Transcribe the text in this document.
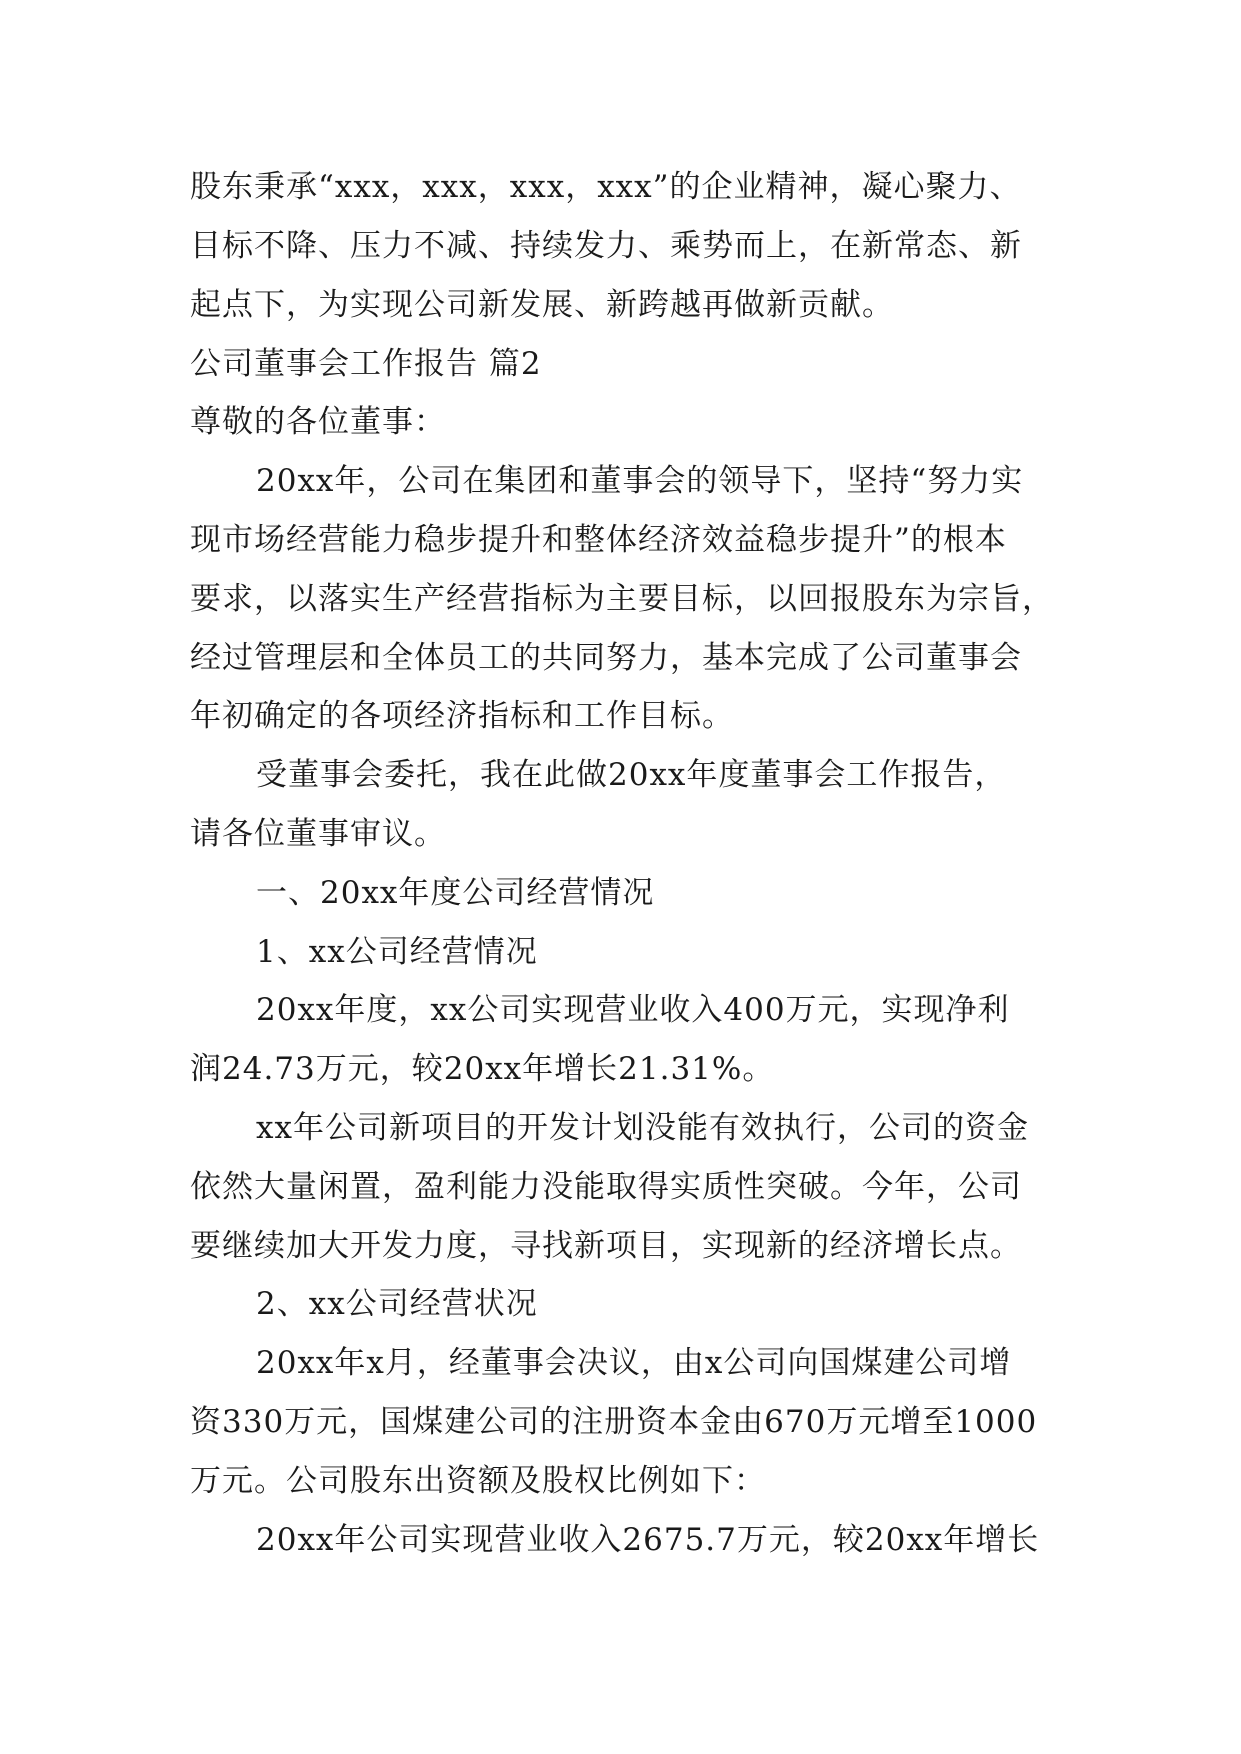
股东秉承“xxx，xxx，xxx，xxx”的企业精神，凝心聚力、
目标不降、压力不减、持续发力、乘势而上，在新常态、新
起点下，为实现公司新发展、新跨越再做新贡献。
公司董事会工作报告 篇2
尊敬的各位董事：
20xx年，公司在集团和董事会的领导下，坚持“努力实
现市场经营能力稳步提升和整体经济效益稳步提升”的根本
要求，以落实生产经营指标为主要目标，以回报股东为宗旨，
经过管理层和全体员工的共同努力，基本完成了公司董事会
年初确定的各项经济指标和工作目标。
受董事会委托，我在此做20xx年度董事会工作报告，
请各位董事审议。
一、20xx年度公司经营情况
1、xx公司经营情况
20xx年度，xx公司实现营业收入400万元，实现净利
润24.73万元，较20xx年增长21.31%。
xx年公司新项目的开发计划没能有效执行，公司的资金
依然大量闲置，盈利能力没能取得实质性突破。今年，公司
要继续加大开发力度，寻找新项目，实现新的经济增长点。
2、xx公司经营状况
20xx年x月，经董事会决议，由x公司向国煤建公司增
资330万元，国煤建公司的注册资本金由670万元增至1000
万元。公司股东出资额及股权比例如下：
20xx年公司实现营业收入2675.7万元，较20xx年增长
